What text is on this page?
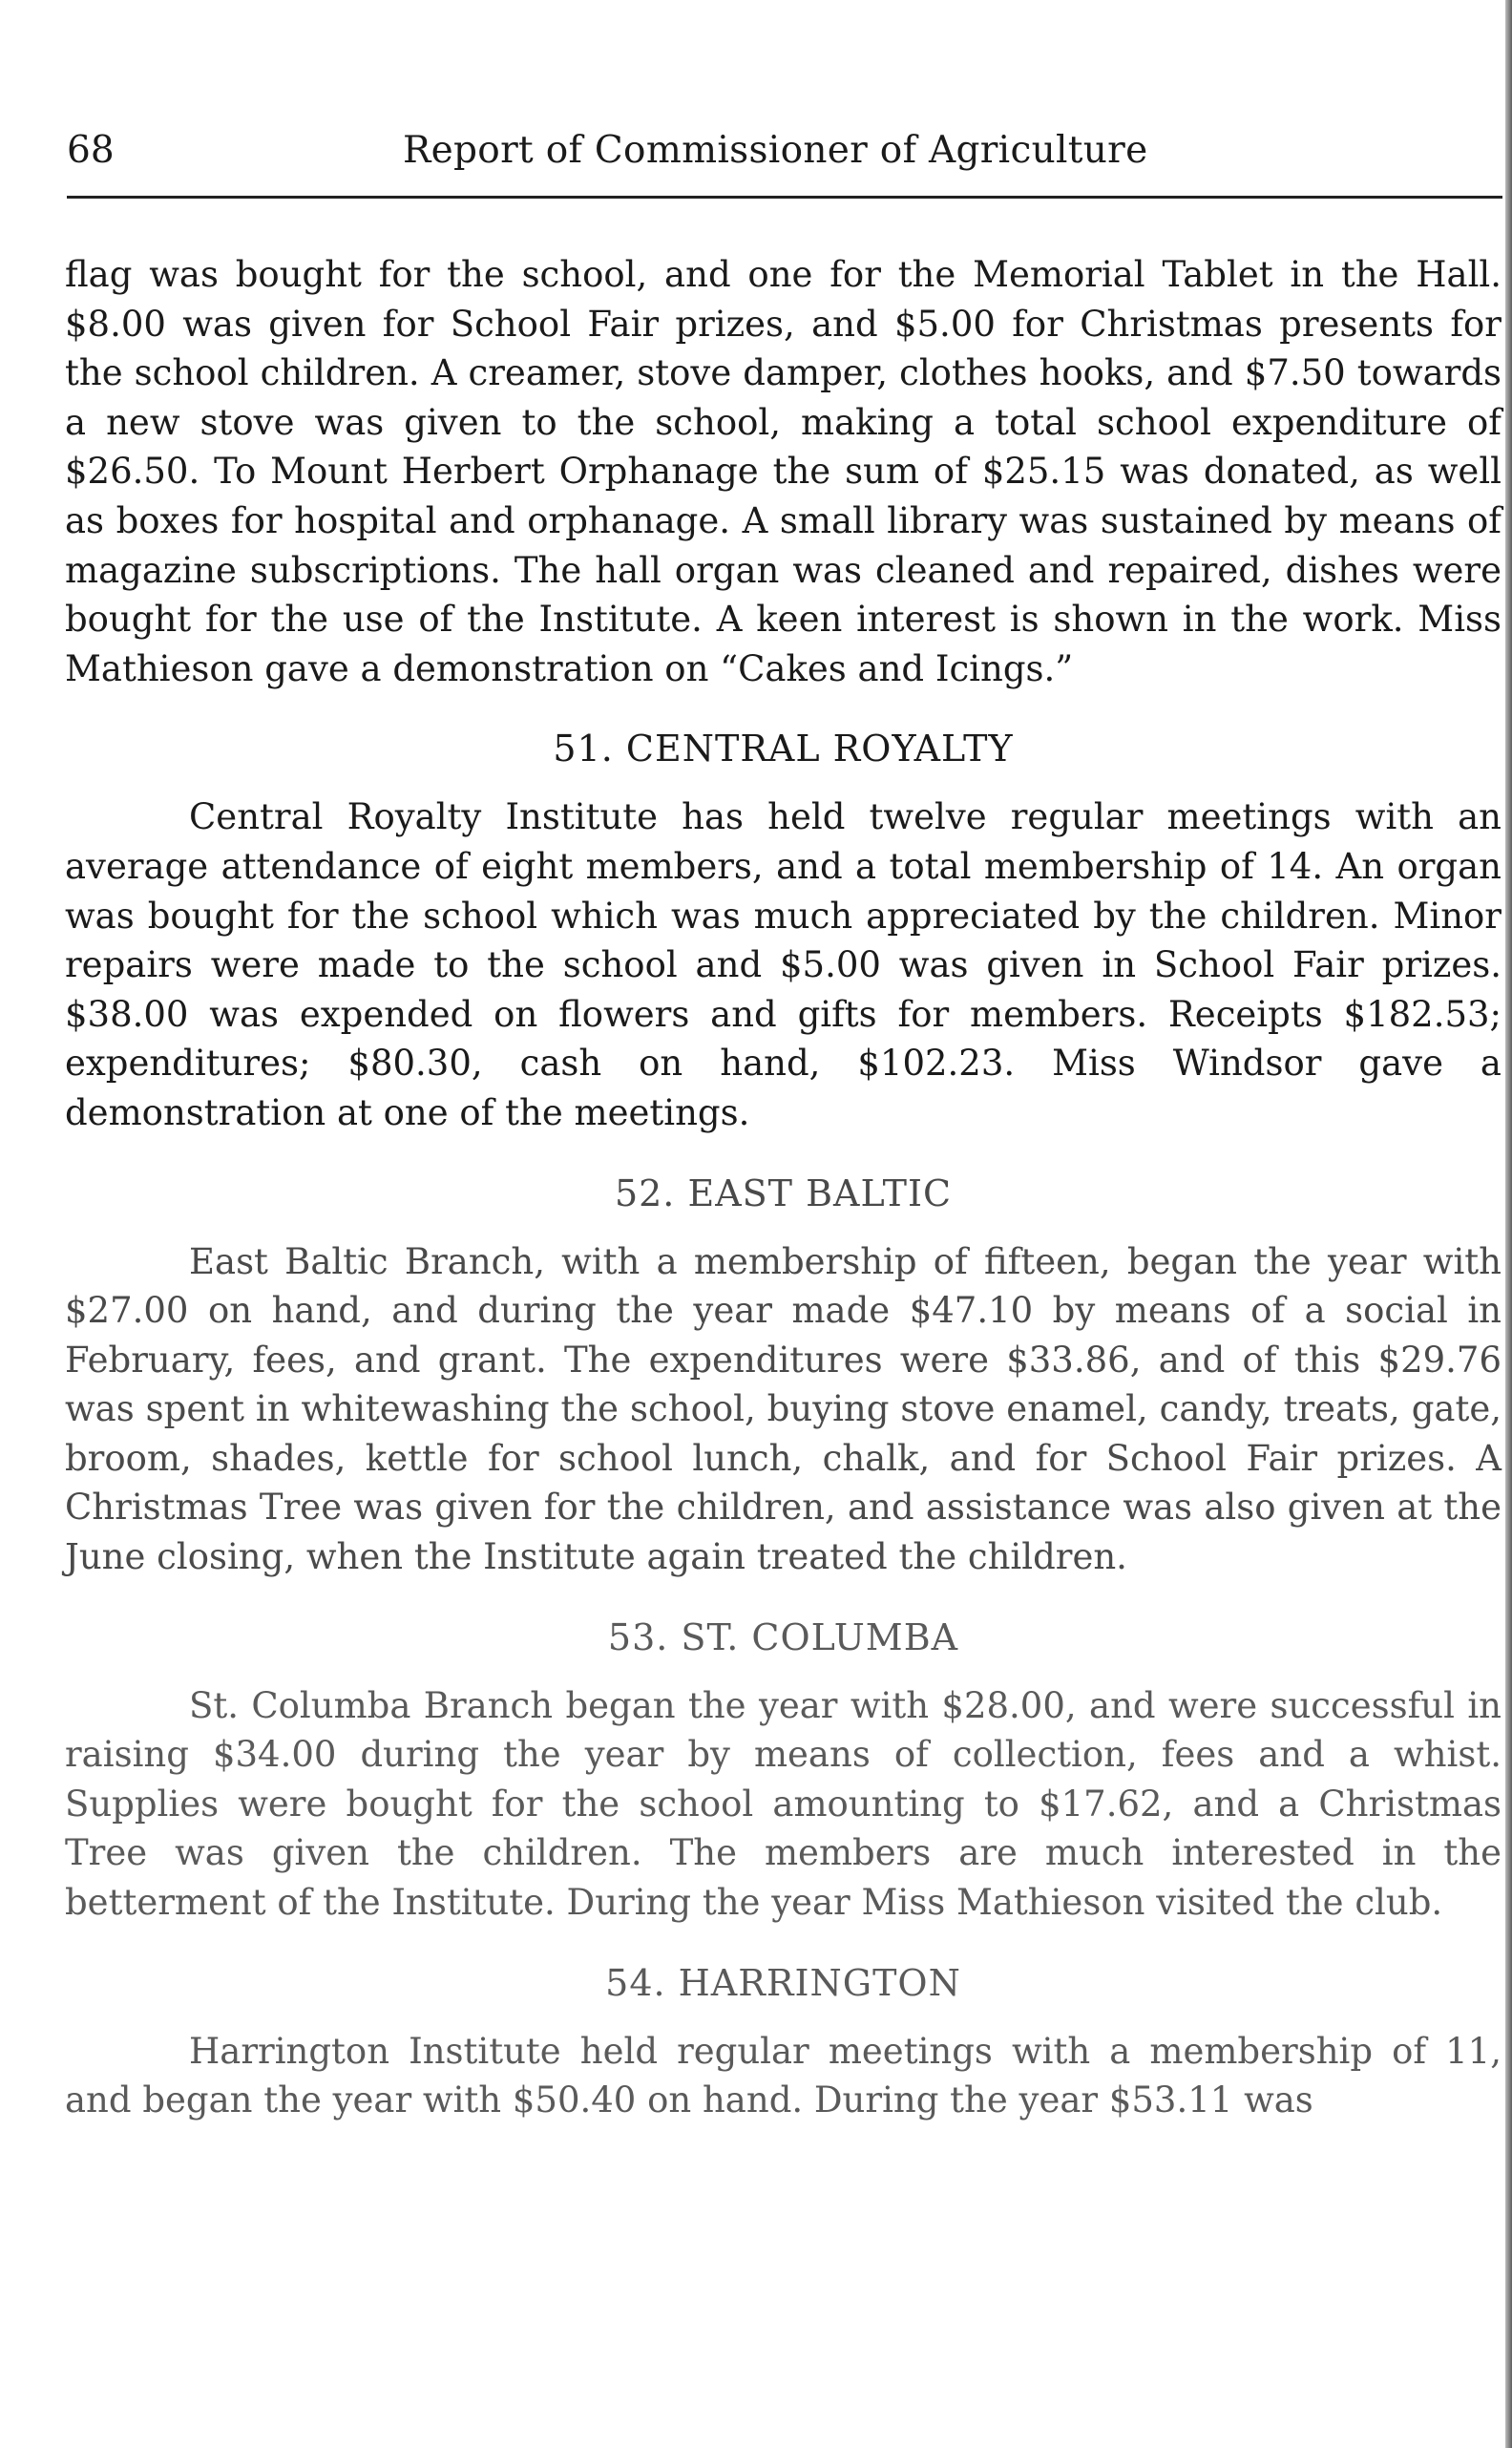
68	Report of Commissioner of Agriculture

flag was bought for the school, and one for the Memorial Tablet in the Hall. $8.00 was given for School Fair prizes, and $5.00 for Christmas presents for the school children. A creamer, stove damper, clothes hooks, and $7.50 towards a new stove was given to the school, making a total school expenditure of $26.50. To Mount Herbert Orphanage the sum of $25.15 was donated, as well as boxes for hospital and orphanage. A small library was sustained by means of magazine subscriptions. The hall organ was cleaned and repaired, dishes were bought for the use of the Institute. A keen interest is shown in the work. Miss Mathieson gave a demonstration on “Cakes and Icings.”

51. CENTRAL ROYALTY

Central Royalty Institute has held twelve regular meetings with an average attendance of eight members, and a total membership of 14. An organ was bought for the school which was much appreciated by the children. Minor repairs were made to the school and $5.00 was given in School Fair prizes. $38.00 was expended on flowers and gifts for members. Receipts $182.53; expenditures; $80.30, cash on hand, $102.23. Miss Windsor gave a demonstration at one of the meetings.

52. EAST BALTIC

East Baltic Branch, with a membership of fifteen, began the year with $27.00 on hand, and during the year made $47.10 by means of a social in February, fees, and grant. The expenditures were $33.86, and of this $29.76 was spent in whitewashing the school, buying stove enamel, candy, treats, gate, broom, shades, kettle for school lunch, chalk, and for School Fair prizes. A Christmas Tree was given for the children, and assistance was also given at the June closing, when the Institute again treated the children.

53. ST. COLUMBA

St. Columba Branch began the year with $28.00, and were successful in raising $34.00 during the year by means of collection, fees and a whist. Supplies were bought for the school amounting to $17.62, and a Christmas Tree was given the children. The members are much interested in the betterment of the Institute. During the year Miss Mathieson visited the club.

54. HARRINGTON

Harrington Institute held regular meetings with a membership of 11, and began the year with $50.40 on hand. During the year $53.11 was
